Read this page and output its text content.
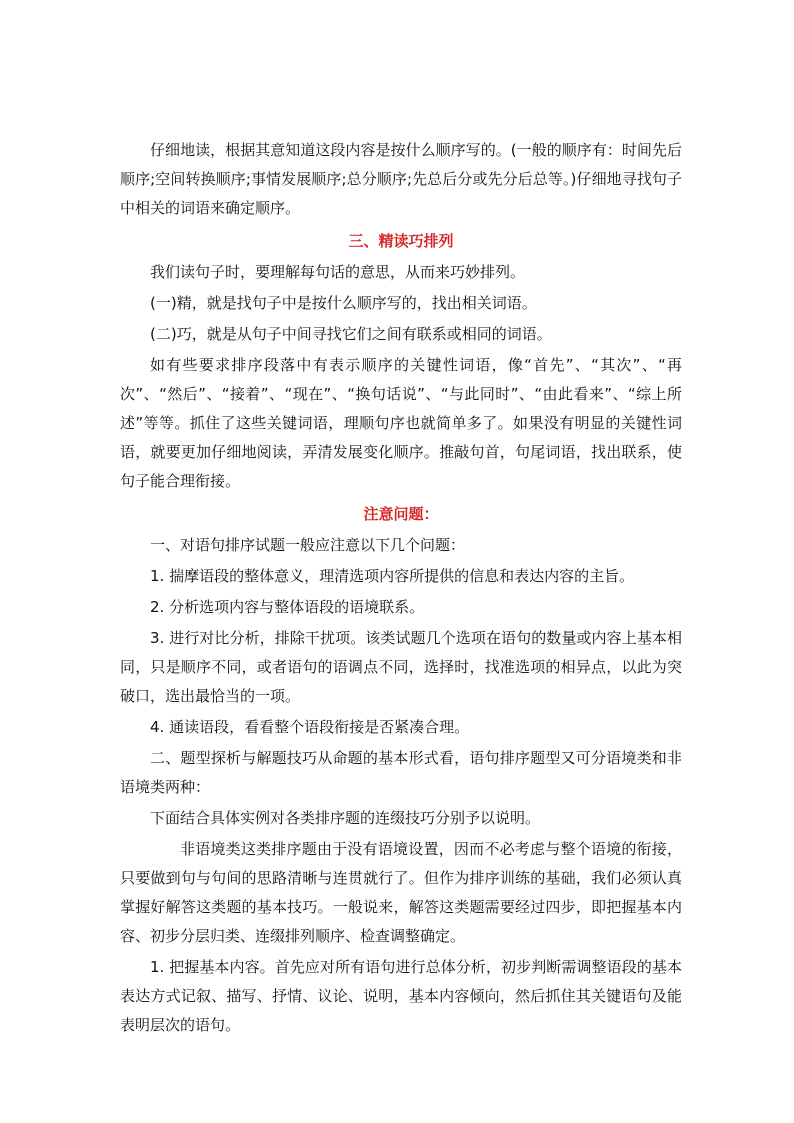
仔细地读，根据其意知道这段内容是按什么顺序写的。(一般的顺序有：时间先后顺序;空间转换顺序;事情发展顺序;总分顺序;先总后分或先分后总等。)仔细地寻找句子中相关的词语来确定顺序。

三、精读巧排列

我们读句子时，要理解每句话的意思，从而来巧妙排列。

(一)精，就是找句子中是按什么顺序写的，找出相关词语。

(二)巧，就是从句子中间寻找它们之间有联系或相同的词语。

如有些要求排序段落中有表示顺序的关键性词语，像“首先”、“其次”、“再次”、“然后”、“接着”、“现在”、“换句话说”、“与此同时”、“由此看来”、“综上所述”等等。抓住了这些关键词语，理顺句序也就简单多了。如果没有明显的关键性词语，就要更加仔细地阅读，弄清发展变化顺序。推敲句首，句尾词语，找出联系，使句子能合理衔接。

注意问题：

一、对语句排序试题一般应注意以下几个问题：

1. 揣摩语段的整体意义，理清选项内容所提供的信息和表达内容的主旨。

2. 分析选项内容与整体语段的语境联系。

3. 进行对比分析，排除干扰项。该类试题几个选项在语句的数量或内容上基本相同，只是顺序不同，或者语句的语调点不同，选择时，找准选项的相异点，以此为突破口，选出最恰当的一项。

4. 通读语段，看看整个语段衔接是否紧凑合理。

二、题型探析与解题技巧从命题的基本形式看，语句排序题型又可分语境类和非语境类两种：

下面结合具体实例对各类排序题的连缀技巧分别予以说明。

非语境类这类排序题由于没有语境设置，因而不必考虑与整个语境的衔接，只要做到句与句间的思路清晰与连贯就行了。但作为排序训练的基础，我们必须认真掌握好解答这类题的基本技巧。一般说来，解答这类题需要经过四步，即把握基本内容、初步分层归类、连缀排列顺序、检查调整确定。

1. 把握基本内容。首先应对所有语句进行总体分析，初步判断需调整语段的基本表达方式记叙、描写、抒情、议论、说明，基本内容倾向，然后抓住其关键语句及能表明层次的语句。
